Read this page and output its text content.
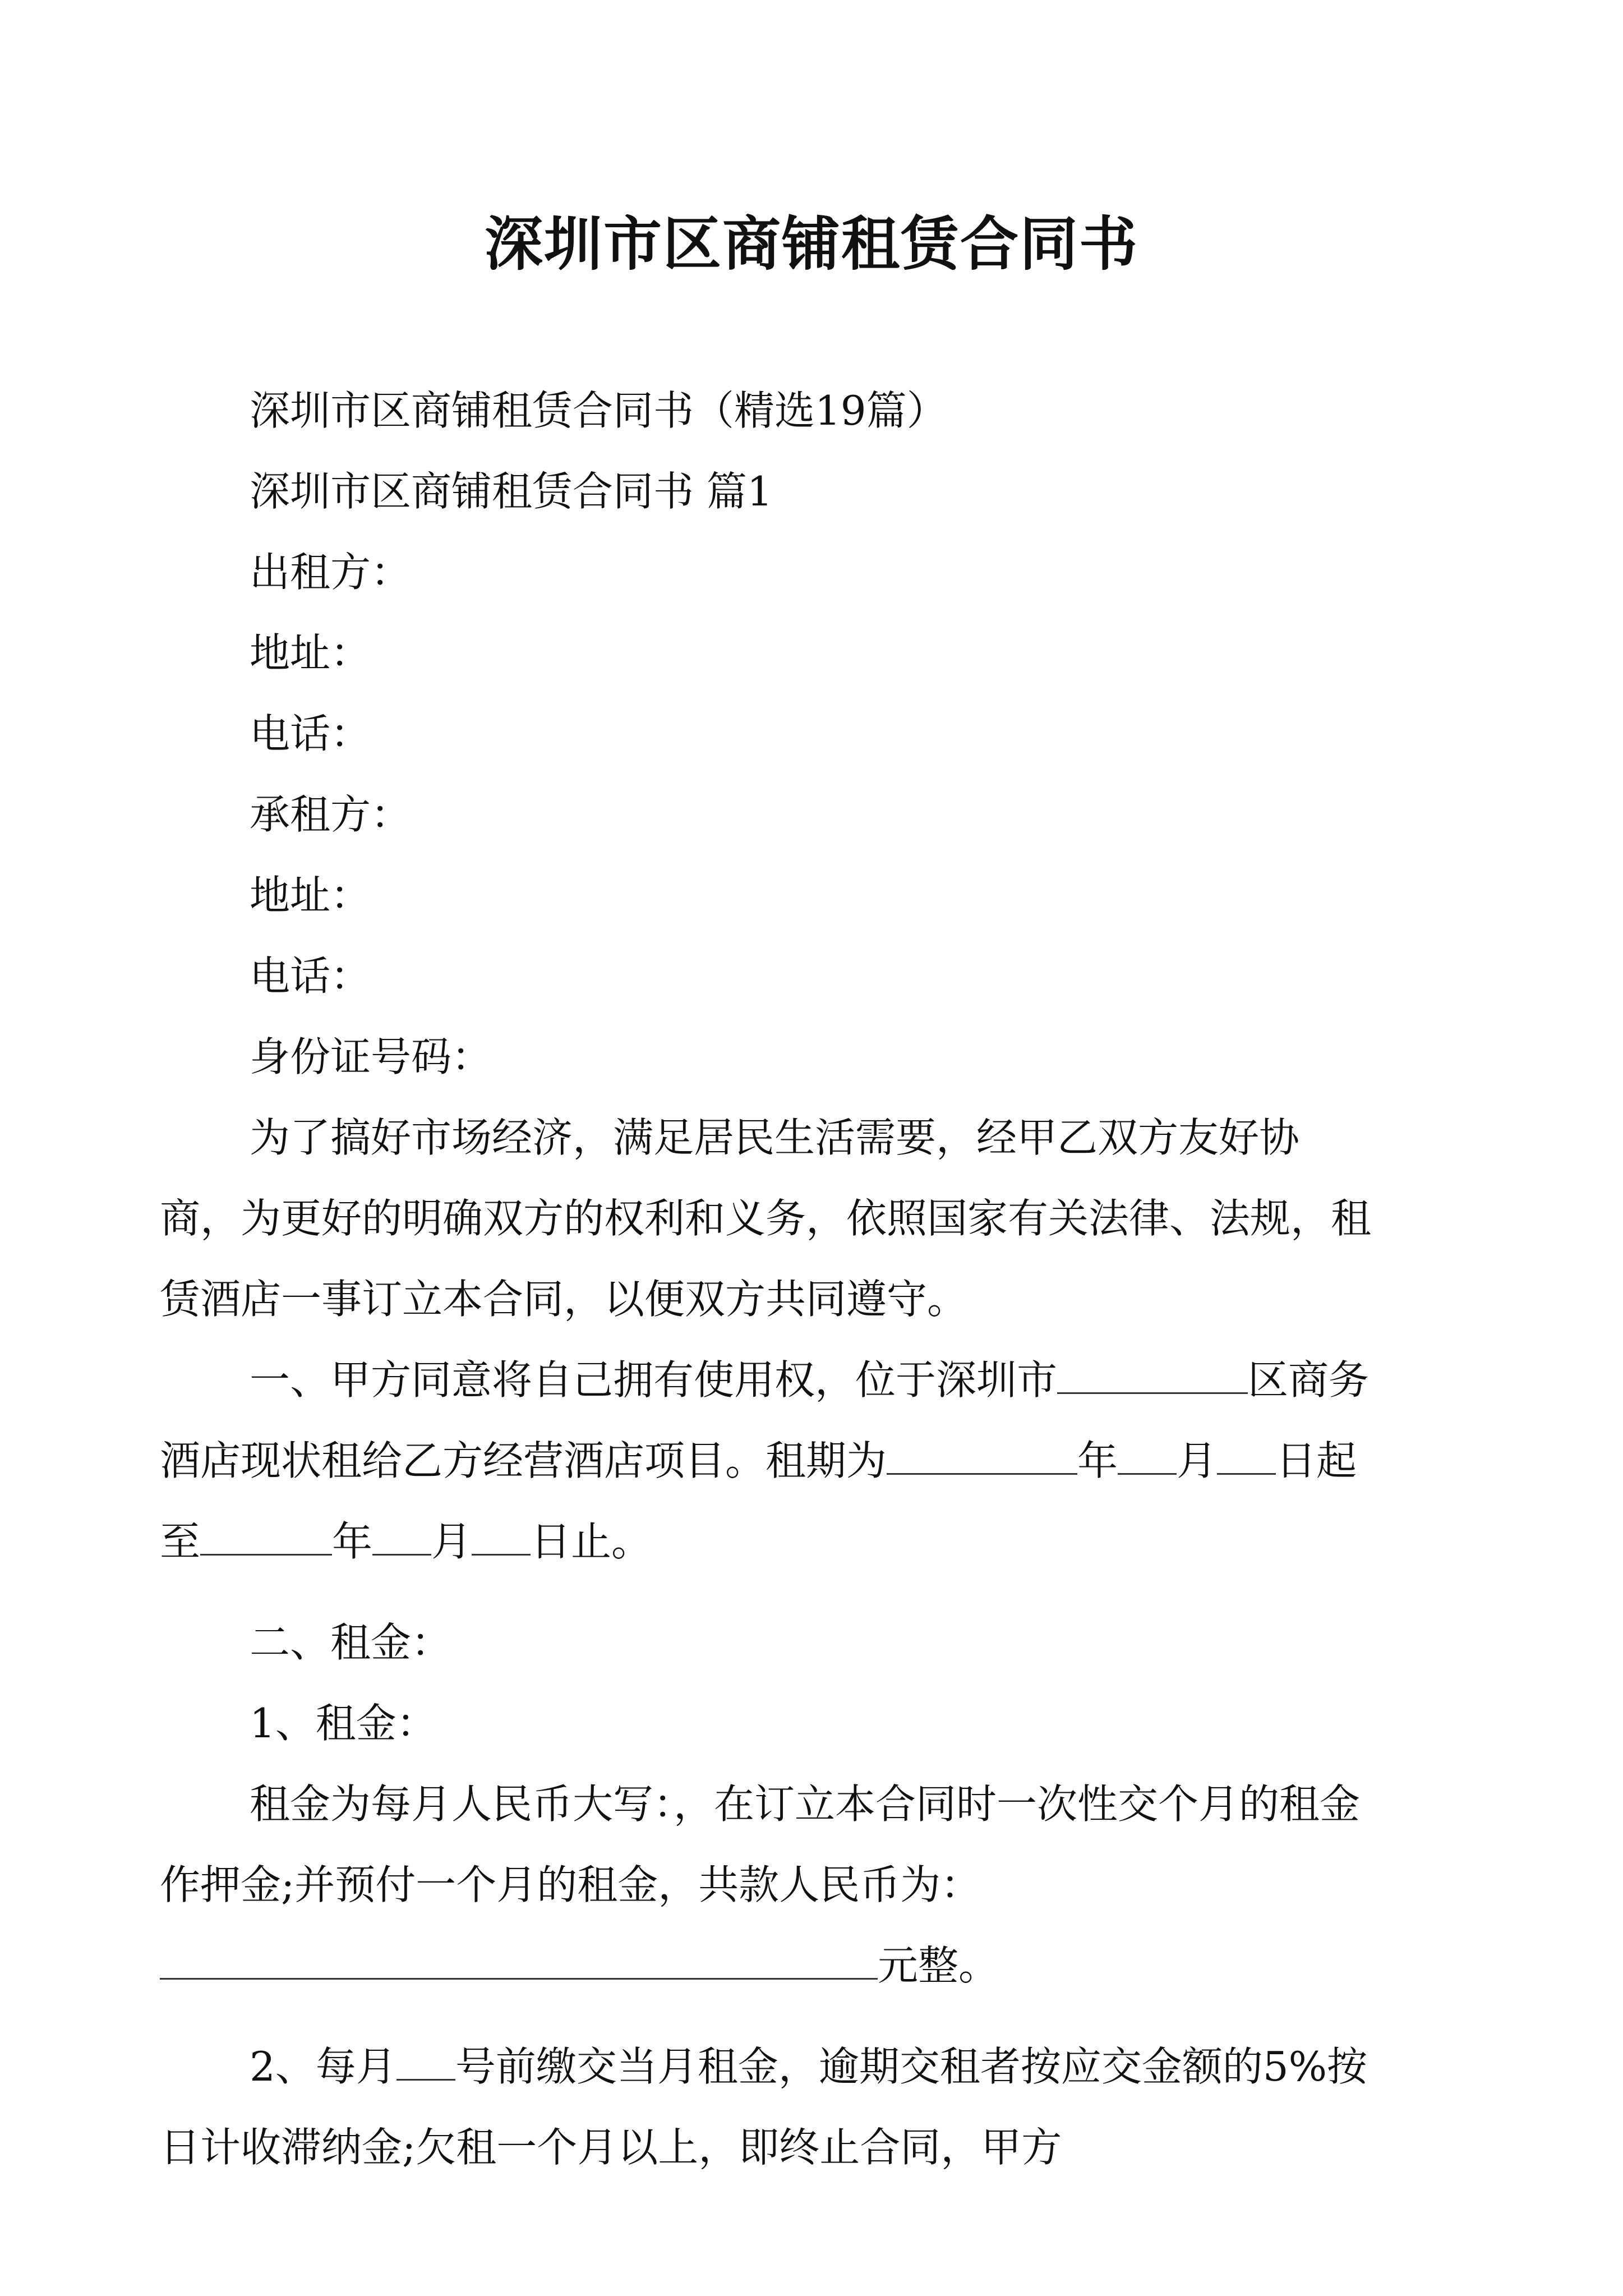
深圳市区商铺租赁合同书

深圳市区商铺租赁合同书（精选19篇）

深圳市区商铺租赁合同书 篇1

出租方：

地址：

电话：

承租方：

地址：

电话：

身份证号码：

为了搞好市场经济，满足居民生活需要，经甲乙双方友好协商，为更好的明确双方的权利和义务，依照国家有关法律、法规，租赁酒店一事订立本合同，以便双方共同遵守。

一、甲方同意将自己拥有使用权，位于深圳市	区商务酒店现状租给乙方经营酒店项目。租期为	年 月 日起至	年 月 日止。

二、租金：

1、租金：

租金为每月人民币大写：，在订立本合同时一次性交个月的租金作押金;并预付一个月的租金，共款人民币为：元整。

2、每月 号前缴交当月租金，逾期交租者按应交金额的5%按日计收滞纳金;欠租一个月以上，即终止合同，甲方
